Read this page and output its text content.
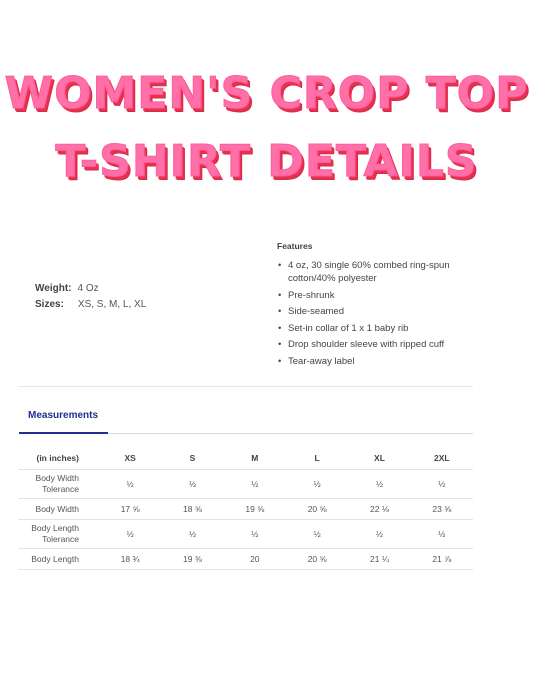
WOMEN'S CROP TOP
T-SHIRT DETAILS
Weight: 4 Oz
Sizes: XS, S, M, L, XL
Features
• 4 oz, 30 single 60% combed ring-spun cotton/40% polyester
• Pre-shrunk
• Side-seamed
• Set-in collar of 1 x 1 baby rib
• Drop shoulder sleeve with ripped cuff
• Tear-away label
Measurements
(in inches)	XS	S	M	L	XL	2XL
Body Width Tolerance	½	½	½	½	½	½
Body Width	17 ⅝	18 ⅝	19 ⅝	20 ⅝	22 ⅛	23 ⅝
Body Length Tolerance	½	½	½	½	½	½
Body Length	18 ¾	19 ⅜	20	20 ⅝	21 ¼	21 ⅞
